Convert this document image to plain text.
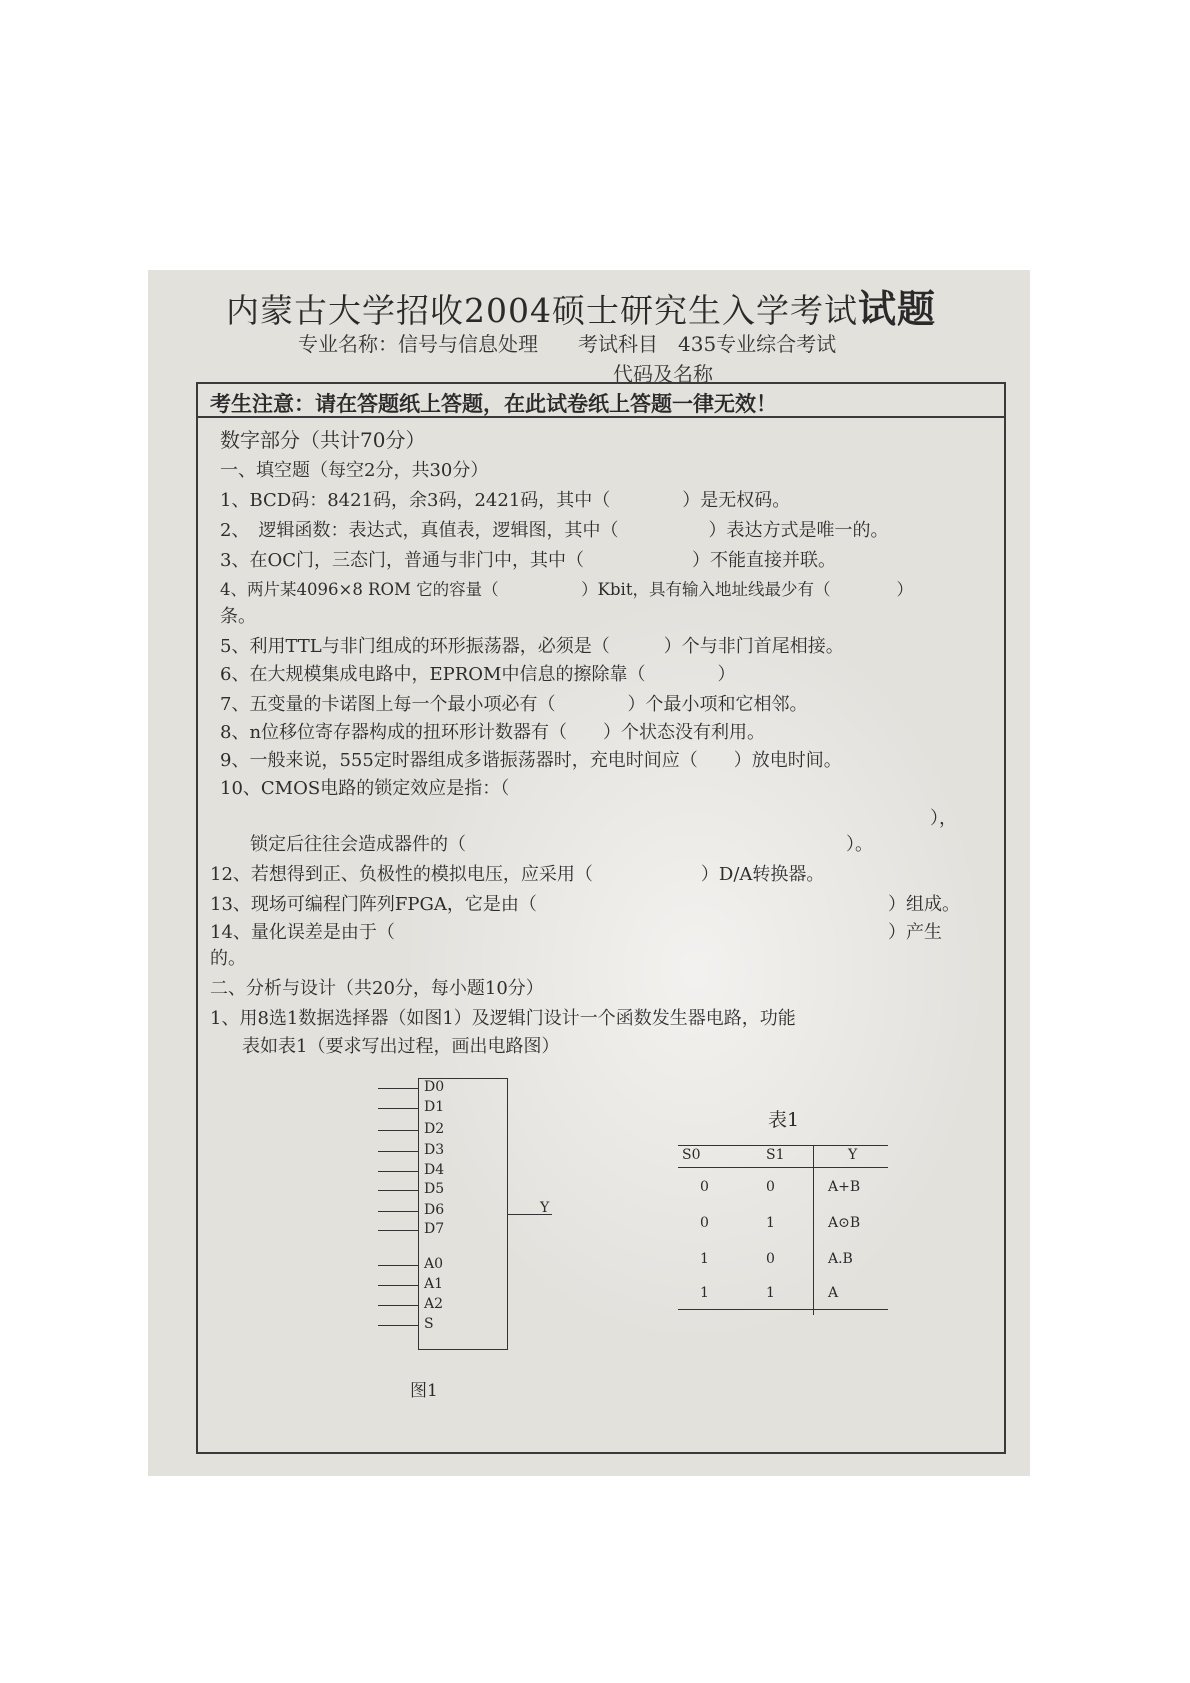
内蒙古大学招收2004硕士研究生入学考试试题
专业名称：信号与信息处理　　考试科目　435专业综合考试
代码及名称
考生注意：请在答题纸上答题，在此试卷纸上答题一律无效！
数字部分（共计70分）
一、填空题（每空2分，共30分）
1、BCD码：8421码，余3码，2421码，其中（　　　　）是无权码。
2、　逻辑函数：表达式，真值表，逻辑图，其中（　　　　　）表达方式是唯一的。
3、在OC门，三态门，普通与非门中，其中（　　　　　　）不能直接并联。
4、两片某4096×8 ROM 它的容量（　　　　　）Kbit，具有输入地址线最少有（　　　　）
条。
5、利用TTL与非门组成的环形振荡器，必须是（　　　）个与非门首尾相接。
6、在大规模集成电路中，EPROM中信息的擦除靠（　　　　）
7、五变量的卡诺图上每一个最小项必有（　　　　）个最小项和它相邻。
8、n位移位寄存器构成的扭环形计数器有（　　）个状态没有利用。
9、一般来说，555定时器组成多谐振荡器时，充电时间应（　　）放电时间。
10、CMOS电路的锁定效应是指：（
），
锁定后往往会造成器件的（	）。
12、若想得到正、负极性的模拟电压，应采用（　　　　　　）D/A转换器。
13、现场可编程门阵列FPGA，它是由（	）组成。
14、量化误差是由于（	）产生
的。
二、分析与设计（共20分，每小题10分）
1、用8选1数据选择器（如图1）及逻辑门设计一个函数发生器电路，功能
表如表1（要求写出过程，画出电路图）
D0
D1
D2
D3
D4
D5
D6
D7
A0
A1
A2
S
Y
图1
表1
S0	S1	Y
0	0	A+B
0	1	A⊙B
1	0	A.B
1	1	A
